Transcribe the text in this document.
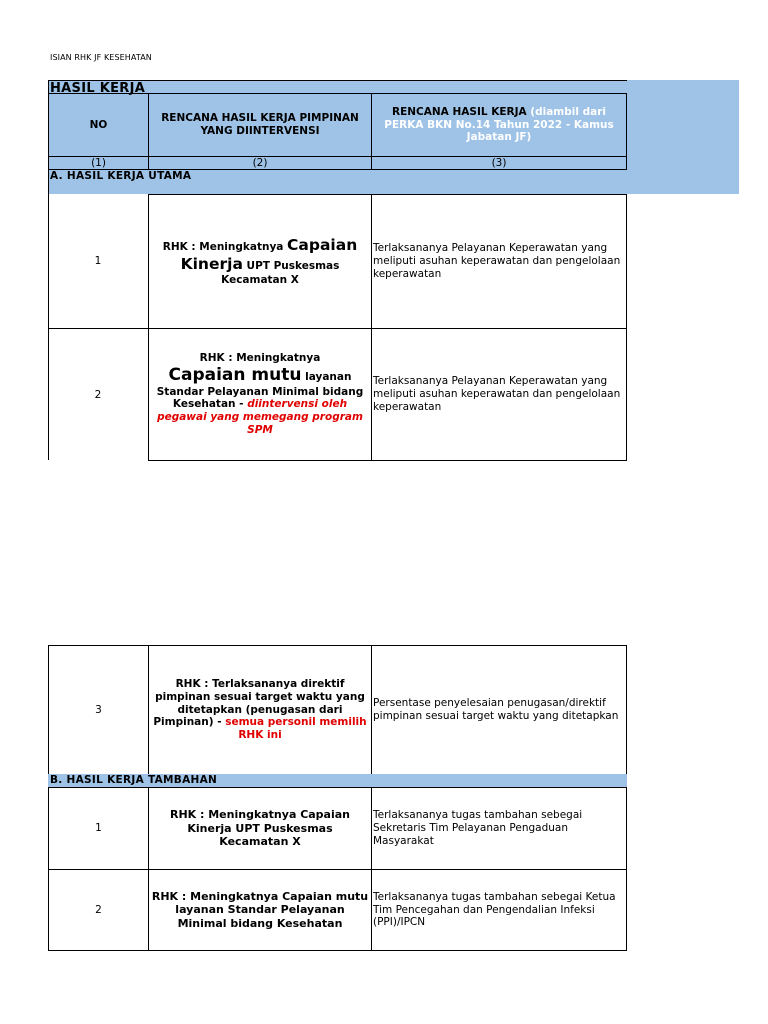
ISIAN RHK JF KESEHATAN
HASIL KERJA
NO
RENCANA HASIL KERJA PIMPINAN YANG DIINTERVENSI
RENCANA HASIL KERJA (diambil dari PERKA BKN No.14 Tahun 2022 - Kamus Jabatan JF)
(1)	(2)	(3)
A. HASIL KERJA UTAMA
1
RHK : Meningkatnya Capaian
Kinerja UPT Puskesmas Kecamatan X
Terlaksananya Pelayanan Keperawatan yang meliputi asuhan keperawatan dan pengelolaan keperawatan
2
RHK : Meningkatnya
Capaian mutu layanan Standar Pelayanan Minimal bidang Kesehatan - diintervensi oleh pegawai yang memegang program SPM
Terlaksananya Pelayanan Keperawatan yang meliputi asuhan keperawatan dan pengelolaan keperawatan
3
RHK : Terlaksananya direktif pimpinan sesuai target waktu yang ditetapkan (penugasan dari Pimpinan) - semua personil memilih RHK ini
Persentase penyelesaian penugasan/direktif pimpinan sesuai target waktu yang ditetapkan
B. HASIL KERJA TAMBAHAN
1
RHK : Meningkatnya Capaian Kinerja UPT Puskesmas Kecamatan X
Terlaksananya tugas tambahan sebegai Sekretaris Tim Pelayanan Pengaduan Masyarakat
2
RHK : Meningkatnya Capaian mutu layanan Standar Pelayanan Minimal bidang Kesehatan
Terlaksananya tugas tambahan sebegai Ketua Tim Pencegahan dan Pengendalian Infeksi (PPI)/IPCN
